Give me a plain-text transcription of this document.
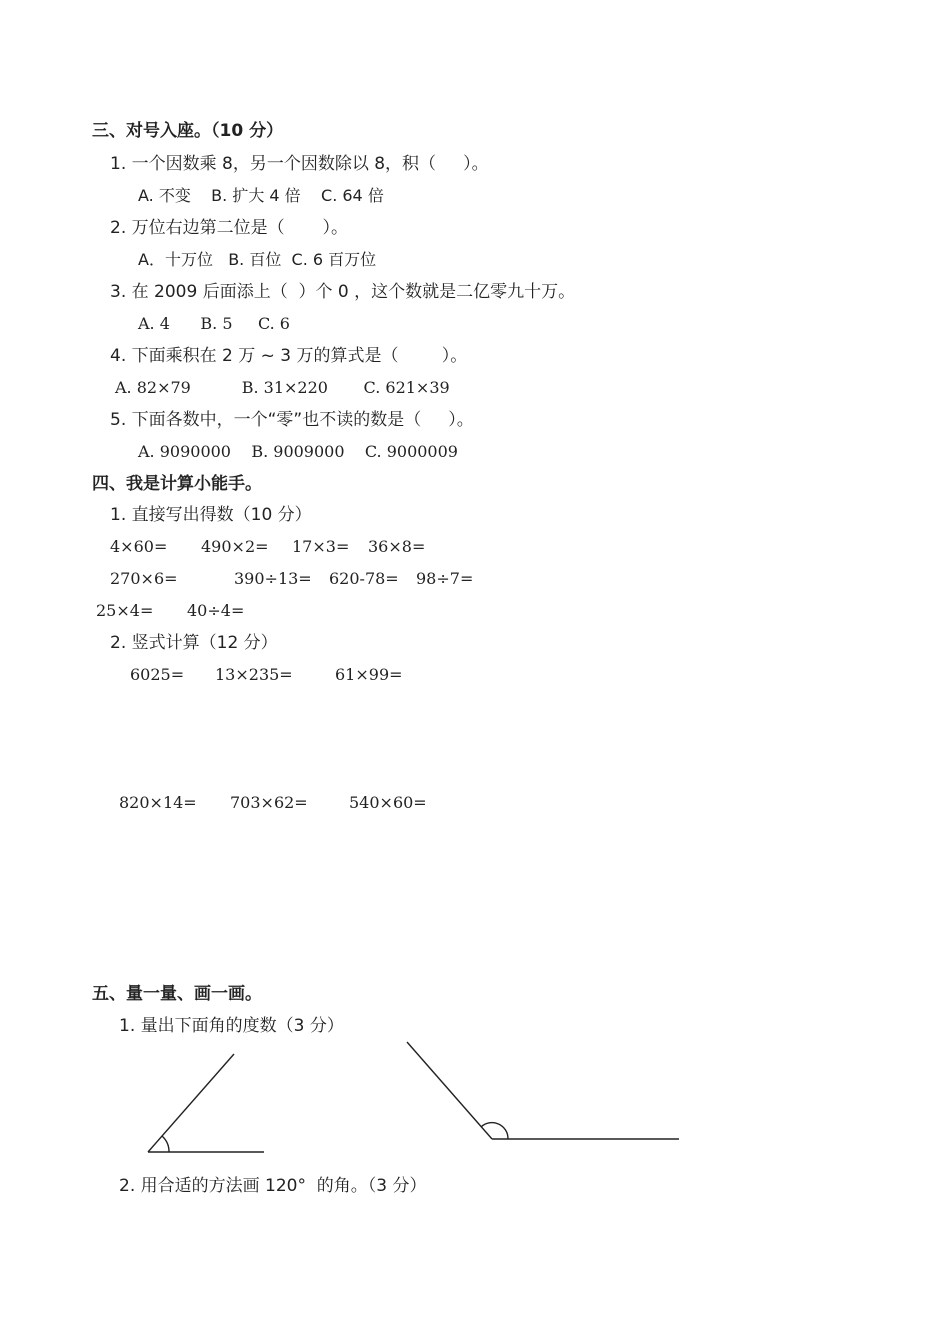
三、对号入座。（10 分）
1. 一个因数乘 8，另一个因数除以 8，积（     ）。
A. 不变    B. 扩大 4 倍    C. 64 倍
2. 万位右边第二位是（       ）。
A．十万位   B. 百位  C. 6 百万位
3. 在 2009 后面添上（  ）个 0 ，这个数就是二亿零九十万。
A. 4      B. 5     C. 6
4. 下面乘积在 2 万 ~ 3 万的算式是（        ）。
A. 82×79          B. 31×220       C. 621×39
5. 下面各数中，一个“零”也不读的数是（     ）。
A. 9090000    B. 9009000    C. 9000009
四、我是计算小能手。
1. 直接写出得数（10 分）
4×60= 490×2= 17×3= 36×8=
270×6=	390÷13= 620-78= 98÷7=
25×4= 40÷4=
2. 竖式计算（12 分）
6025= 13×235=	61×99=
820×14= 703×62=	540×60=
五、量一量、画一画。
1. 量出下面角的度数（3 分）
2. 用合适的方法画 120°  的角。（3 分）
